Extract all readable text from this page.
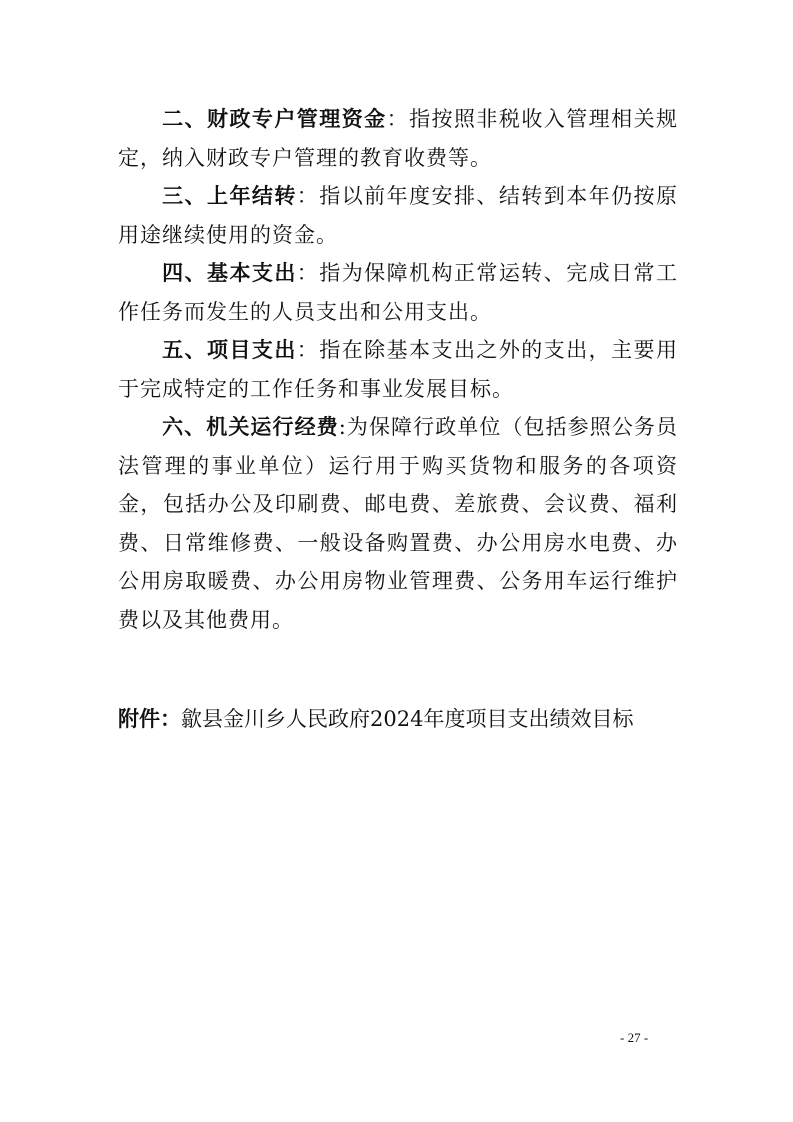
二、财政专户管理资金：指按照非税收入管理相关规定，纳入财政专户管理的教育收费等。

三、上年结转：指以前年度安排、结转到本年仍按原用途继续使用的资金。

四、基本支出：指为保障机构正常运转、完成日常工作任务而发生的人员支出和公用支出。

五、项目支出：指在除基本支出之外的支出，主要用于完成特定的工作任务和事业发展目标。

六、机关运行经费:为保障行政单位（包括参照公务员法管理的事业单位）运行用于购买货物和服务的各项资金，包括办公及印刷费、邮电费、差旅费、会议费、福利费、日常维修费、一般设备购置费、办公用房水电费、办公用房取暖费、办公用房物业管理费、公务用车运行维护费以及其他费用。

附件：歙县金川乡人民政府2024年度项目支出绩效目标
- 27 -
